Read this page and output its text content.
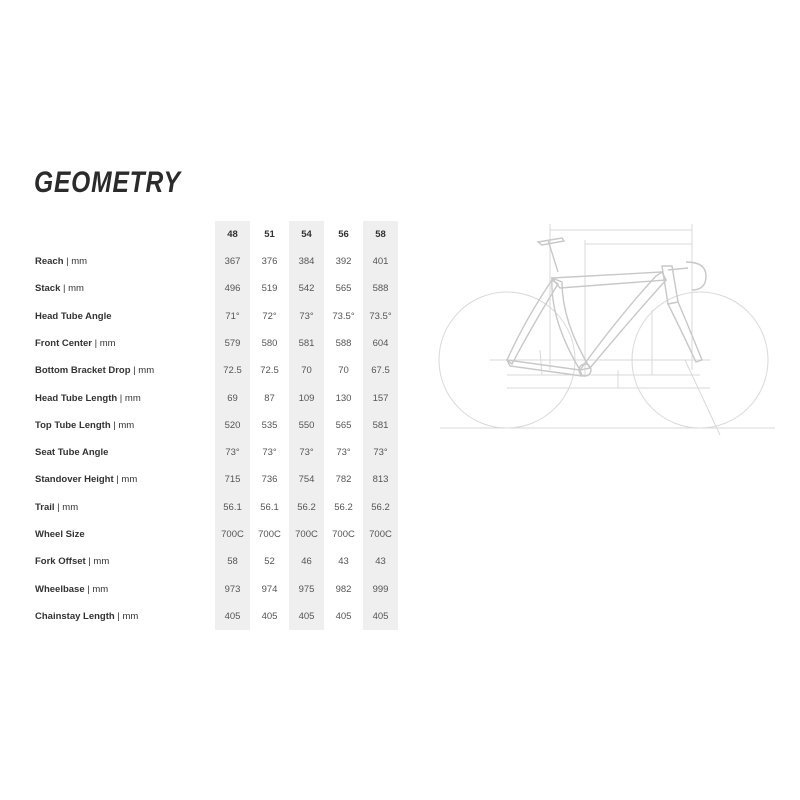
GEOMETRY
48	51	54	56	58
Reach | mm	367	376	384	392	401
Stack | mm	496	519	542	565	588
Head Tube Angle	71°	72°	73°	73.5°	73.5°
Front Center | mm	579	580	581	588	604
Bottom Bracket Drop | mm	72.5	72.5	70	70	67.5
Head Tube Length | mm	69	87	109	130	157
Top Tube Length | mm	520	535	550	565	581
Seat Tube Angle	73°	73°	73°	73°	73°
Standover Height | mm	715	736	754	782	813
Trail | mm	56.1	56.1	56.2	56.2	56.2
Wheel Size	700C	700C	700C	700C	700C
Fork Offset | mm	58	52	46	43	43
Wheelbase | mm	973	974	975	982	999
Chainstay Length | mm	405	405	405	405	405
